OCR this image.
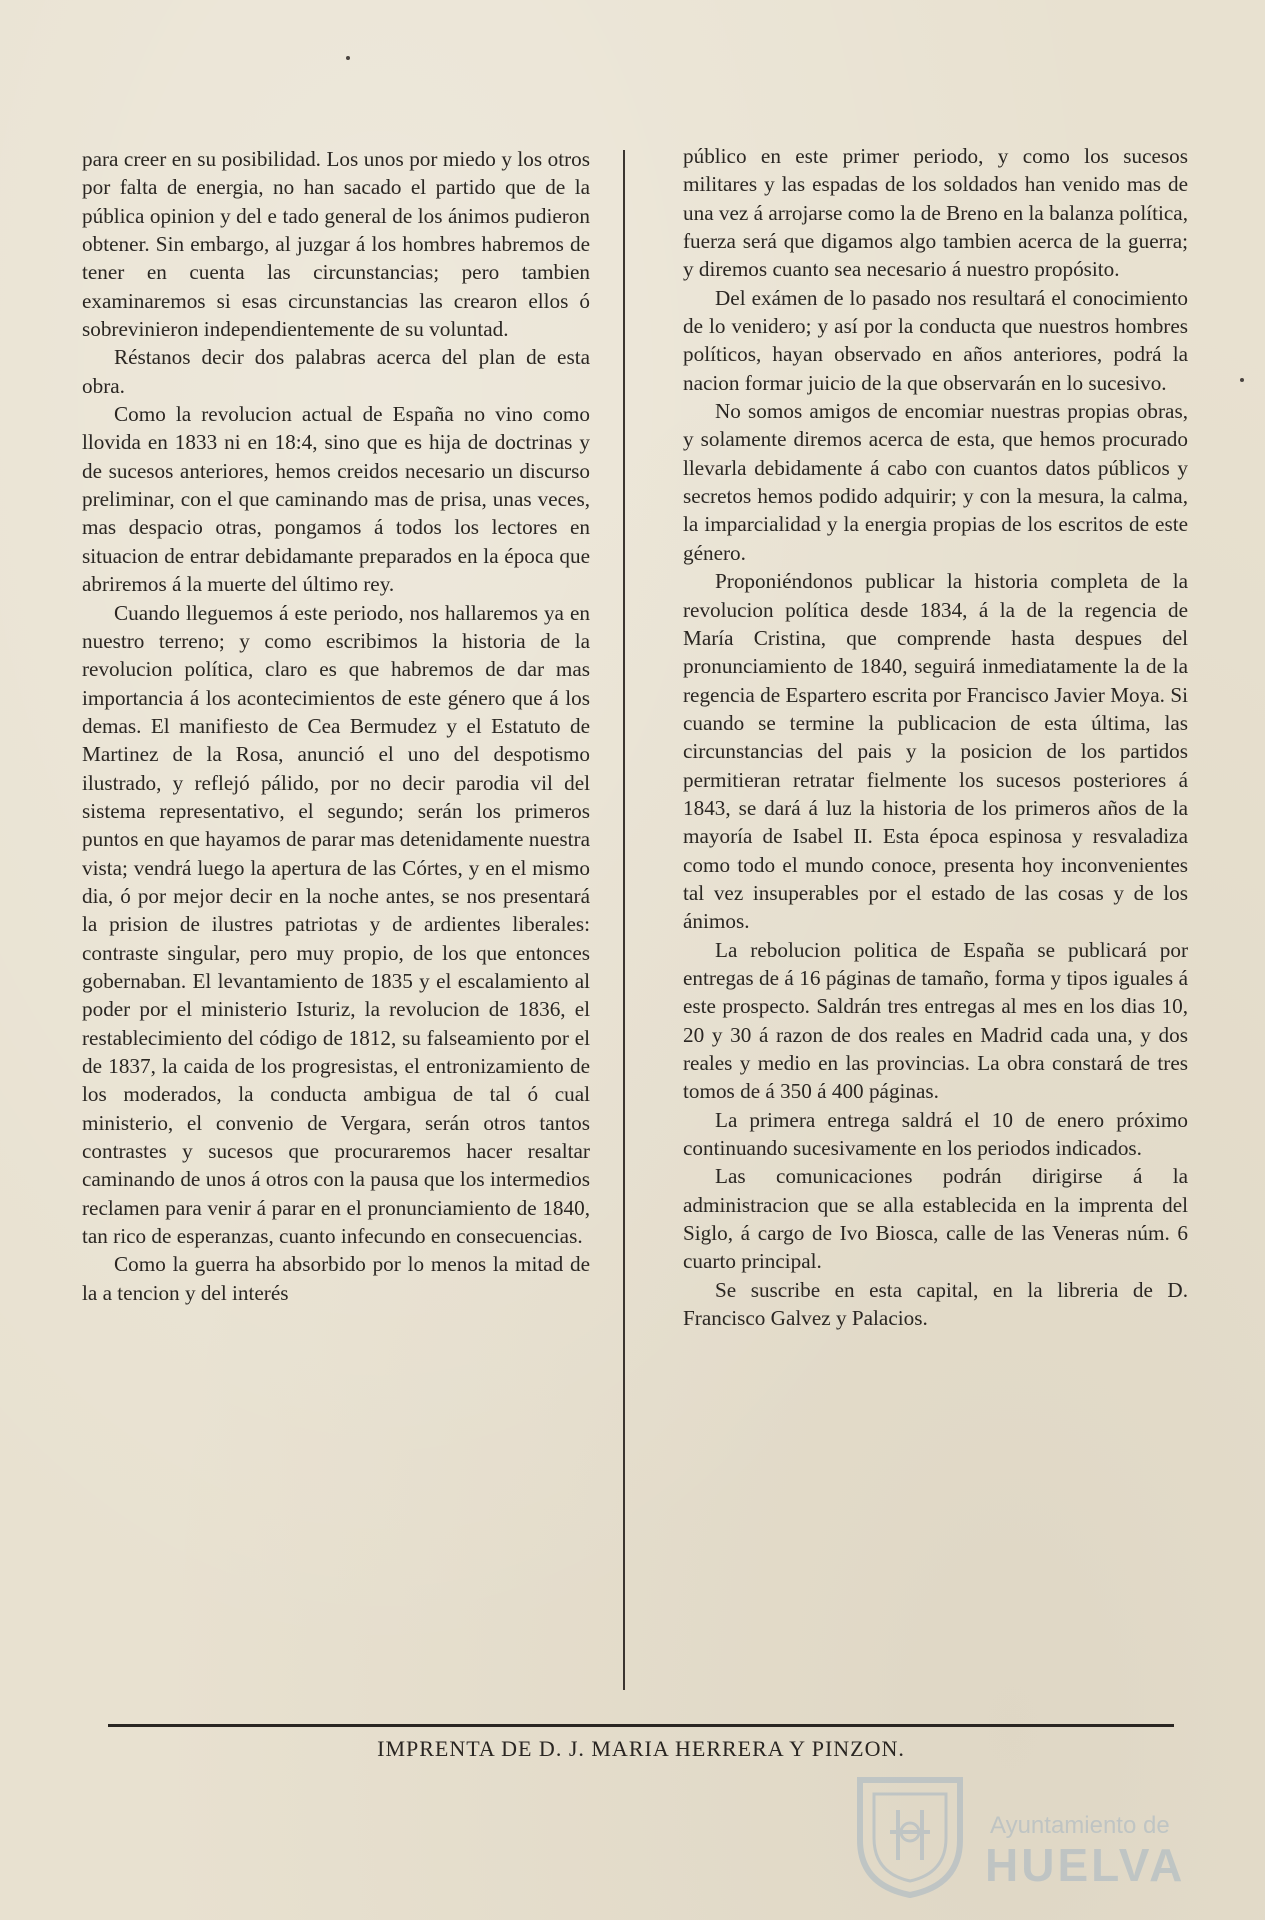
para creer en su posibilidad. Los unos por miedo y los otros por falta de energia, no han sacado el partido que de la pública opinion y del e tado general de los ánimos pudieron obtener. Sin embargo, al juzgar á los hombres habremos de tener en cuenta las circunstancias; pero tambien examinaremos si esas circunstancias las crearon ellos ó sobrevinieron independientemente de su voluntad.

Réstanos decir dos palabras acerca del plan de esta obra.

Como la revolucion actual de España no vino como llovida en 1833 ni en 18:4, sino que es hija de doctrinas y de sucesos anteriores, hemos creidos necesario un discurso preliminar, con el que caminando mas de prisa, unas veces, mas despacio otras, pongamos á todos los lectores en situacion de entrar debidamante preparados en la época que abriremos á la muerte del último rey.

Cuando lleguemos á este periodo, nos hallaremos ya en nuestro terreno; y como escribimos la historia de la revolucion política, claro es que habremos de dar mas importancia á los acontecimientos de este género que á los demas. El manifiesto de Cea Bermudez y el Estatuto de Martinez de la Rosa, anunció el uno del despotismo ilustrado, y reflejó pálido, por no decir parodia vil del sistema representativo, el segundo; serán los primeros puntos en que hayamos de parar mas detenidamente nuestra vista; vendrá luego la apertura de las Córtes, y en el mismo dia, ó por mejor decir en la noche antes, se nos presentará la prision de ilustres patriotas y de ardientes liberales: contraste singular, pero muy propio, de los que entonces gobernaban. El levantamiento de 1835 y el escalamiento al poder por el ministerio Isturiz, la revolucion de 1836, el restablecimiento del código de 1812, su falseamiento por el de 1837, la caida de los progresistas, el entronizamiento de los moderados, la conducta ambigua de tal ó cual ministerio, el convenio de Vergara, serán otros tantos contrastes y sucesos que procuraremos hacer resaltar caminando de unos á otros con la pausa que los intermedios reclamen para venir á parar en el pronunciamiento de 1840, tan rico de esperanzas, cuanto infecundo en consecuencias.

Como la guerra ha absorbido por lo menos la mitad de la a tencion y del interés

público en este primer periodo, y como los sucesos militares y las espadas de los soldados han venido mas de una vez á arrojarse como la de Breno en la balanza política, fuerza será que digamos algo tambien acerca de la guerra; y diremos cuanto sea necesario á nuestro propósito.

Del exámen de lo pasado nos resultará el conocimiento de lo venidero; y así por la conducta que nuestros hombres políticos, hayan observado en años anteriores, podrá la nacion formar juicio de la que observarán en lo sucesivo.

No somos amigos de encomiar nuestras propias obras, y solamente diremos acerca de esta, que hemos procurado llevarla debidamente á cabo con cuantos datos públicos y secretos hemos podido adquirir; y con la mesura, la calma, la imparcialidad y la energia propias de los escritos de este género.

Proponiéndonos publicar la historia completa de la revolucion política desde 1834, á la de la regencia de María Cristina, que comprende hasta despues del pronunciamiento de 1840, seguirá inmediatamente la de la regencia de Espartero escrita por Francisco Javier Moya. Si cuando se termine la publicacion de esta última, las circunstancias del pais y la posicion de los partidos permitieran retratar fielmente los sucesos posteriores á 1843, se dará á luz la historia de los primeros años de la mayoría de Isabel II. Esta época espinosa y resvaladiza como todo el mundo conoce, presenta hoy inconvenientes tal vez insuperables por el estado de las cosas y de los ánimos.

La rebolucion politica de España se publicará por entregas de á 16 páginas de tamaño, forma y tipos iguales á este prospecto. Saldrán tres entregas al mes en los dias 10, 20 y 30 á razon de dos reales en Madrid cada una, y dos reales y medio en las provincias. La obra constará de tres tomos de á 350 á 400 páginas.

La primera entrega saldrá el 10 de enero próximo continuando sucesivamente en los periodos indicados.

Las comunicaciones podrán dirigirse á la administracion que se alla establecida en la imprenta del Siglo, á cargo de Ivo Biosca, calle de las Veneras núm. 6 cuarto principal.

Se suscribe en esta capital, en la libreria de D. Francisco Galvez y Palacios.

IMPRENTA DE D. J. MARIA HERRERA Y PINZON.
Ayuntamiento de
HUELVA
